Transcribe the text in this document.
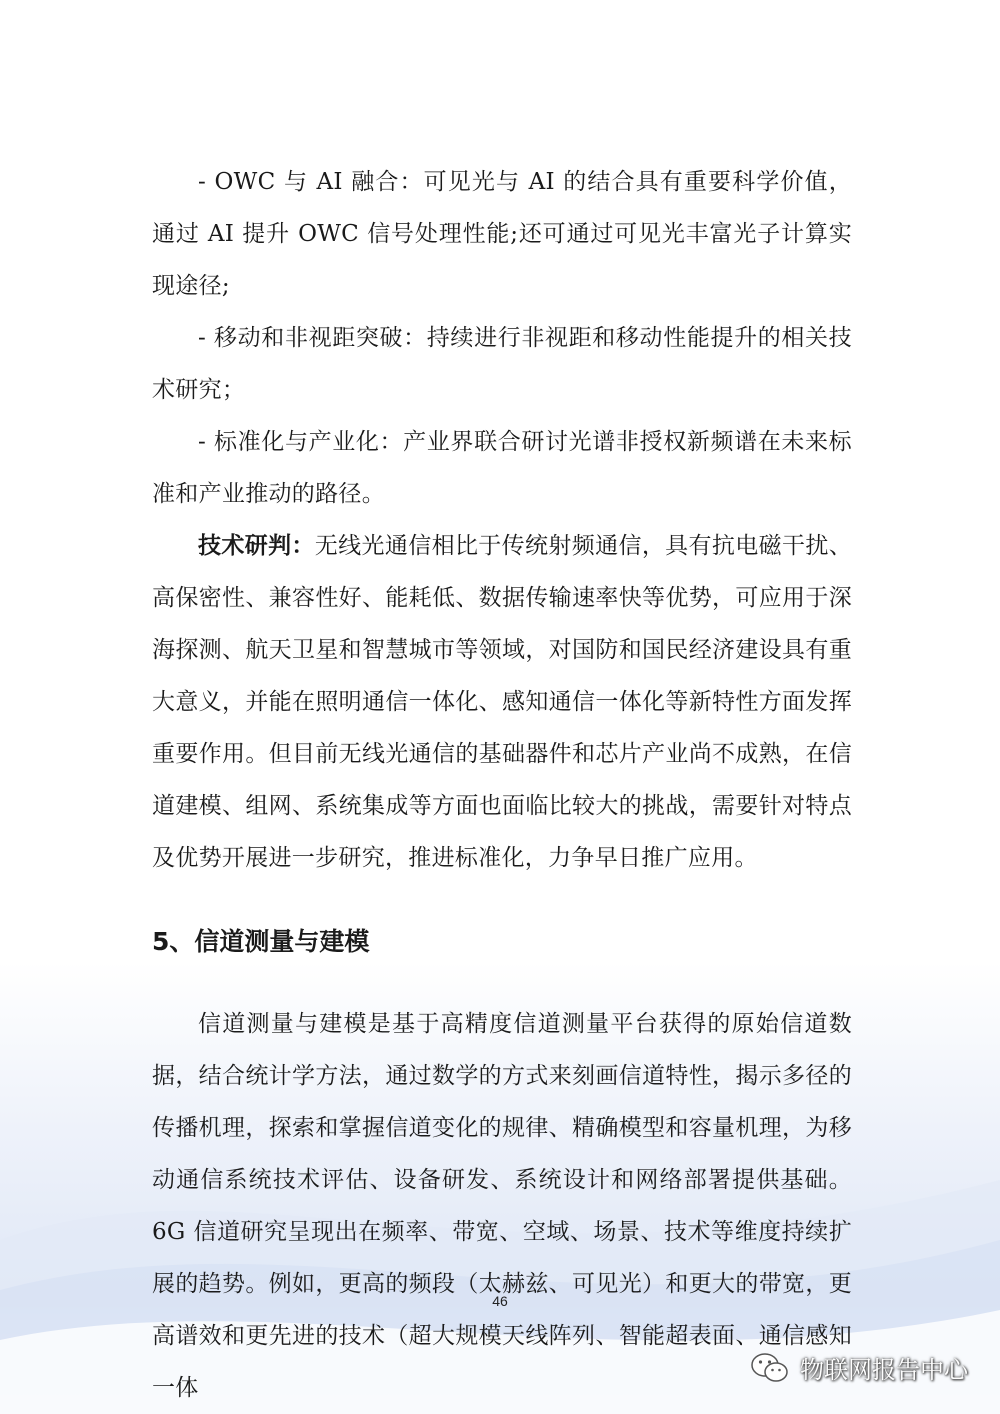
- OWC 与 AI 融合：可见光与 AI 的结合具有重要科学价值，通过 AI 提升 OWC 信号处理性能;还可通过可见光丰富光子计算实现途径;

- 移动和非视距突破：持续进行非视距和移动性能提升的相关技术研究；

- 标准化与产业化：产业界联合研讨光谱非授权新频谱在未来标准和产业推动的路径。

技术研判：无线光通信相比于传统射频通信，具有抗电磁干扰、高保密性、兼容性好、能耗低、数据传输速率快等优势，可应用于深海探测、航天卫星和智慧城市等领域，对国防和国民经济建设具有重大意义，并能在照明通信一体化、感知通信一体化等新特性方面发挥重要作用。但目前无线光通信的基础器件和芯片产业尚不成熟，在信道建模、组网、系统集成等方面也面临比较大的挑战，需要针对特点及优势开展进一步研究，推进标准化，力争早日推广应用。

5、信道测量与建模

信道测量与建模是基于高精度信道测量平台获得的原始信道数据，结合统计学方法，通过数学的方式来刻画信道特性，揭示多径的传播机理，探索和掌握信道变化的规律、精确模型和容量机理，为移动通信系统技术评估、设备研发、系统设计和网络部署提供基础。6G 信道研究呈现出在频率、带宽、空域、场景、技术等维度持续扩展的趋势。例如，更高的频段（太赫兹、可见光）和更大的带宽，更高谱效和更先进的技术（超大规模天线阵列、智能超表面、通信感知一体

46
物联网报告中心
